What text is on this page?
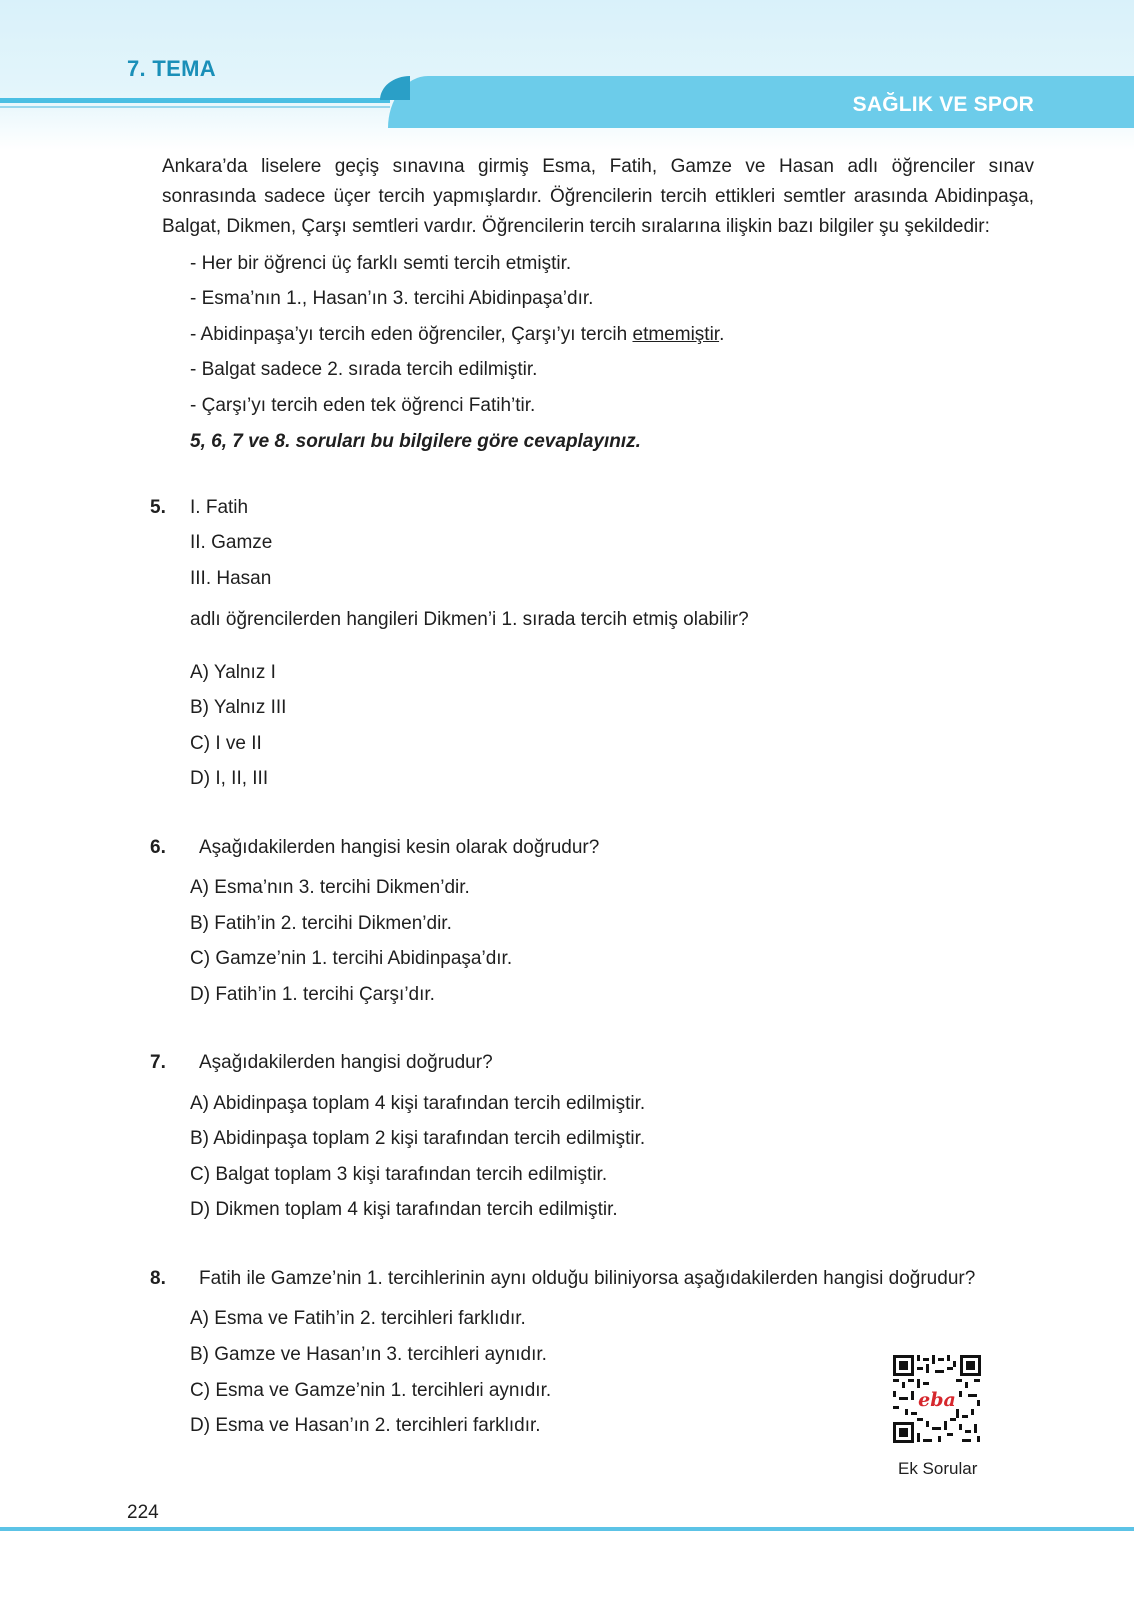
7. TEMA
SAĞLIK VE SPOR
Ankara’da liselere geçiş sınavına girmiş Esma, Fatih, Gamze ve Hasan adlı öğrenciler sınav sonrasında sadece üçer tercih yapmışlardır. Öğrencilerin tercih ettikleri semtler arasında Abidinpaşa, Balgat, Dikmen, Çarşı semtleri vardır. Öğrencilerin tercih sıralarına ilişkin bazı bilgiler şu şekildedir:
- Her bir öğrenci üç farklı semti tercih etmiştir.
- Esma’nın 1., Hasan’ın 3. tercihi Abidinpaşa’dır.
- Abidinpaşa’yı tercih eden öğrenciler, Çarşı’yı tercih etmemiştir.
- Balgat sadece 2. sırada tercih edilmiştir.
- Çarşı’yı tercih eden tek öğrenci Fatih’tir.
5, 6, 7 ve 8. soruları bu bilgilere göre cevaplayınız.
5. I. Fatih
II. Gamze
III. Hasan
adlı öğrencilerden hangileri Dikmen’i 1. sırada tercih etmiş olabilir?
A) Yalnız I
B) Yalnız III
C) I ve II
D) I, II, III
6. Aşağıdakilerden hangisi kesin olarak doğrudur?
A) Esma’nın 3. tercihi Dikmen’dir.
B) Fatih’in 2. tercihi Dikmen’dir.
C) Gamze’nin 1. tercihi Abidinpaşa’dır.
D) Fatih’in 1. tercihi Çarşı’dır.
7. Aşağıdakilerden hangisi doğrudur?
A) Abidinpaşa toplam 4 kişi tarafından tercih edilmiştir.
B) Abidinpaşa toplam 2 kişi tarafından tercih edilmiştir.
C) Balgat toplam 3 kişi tarafından tercih edilmiştir.
D) Dikmen toplam 4 kişi tarafından tercih edilmiştir.
8. Fatih ile Gamze’nin 1. tercihlerinin aynı olduğu biliniyorsa aşağıdakilerden hangisi doğrudur?
A) Esma ve Fatih’in 2. tercihleri farklıdır.
B) Gamze ve Hasan’ın 3. tercihleri aynıdır.
C) Esma ve Gamze’nin 1. tercihleri aynıdır.
D) Esma ve Hasan’ın 2. tercihleri farklıdır.
eba
Ek Sorular
224
